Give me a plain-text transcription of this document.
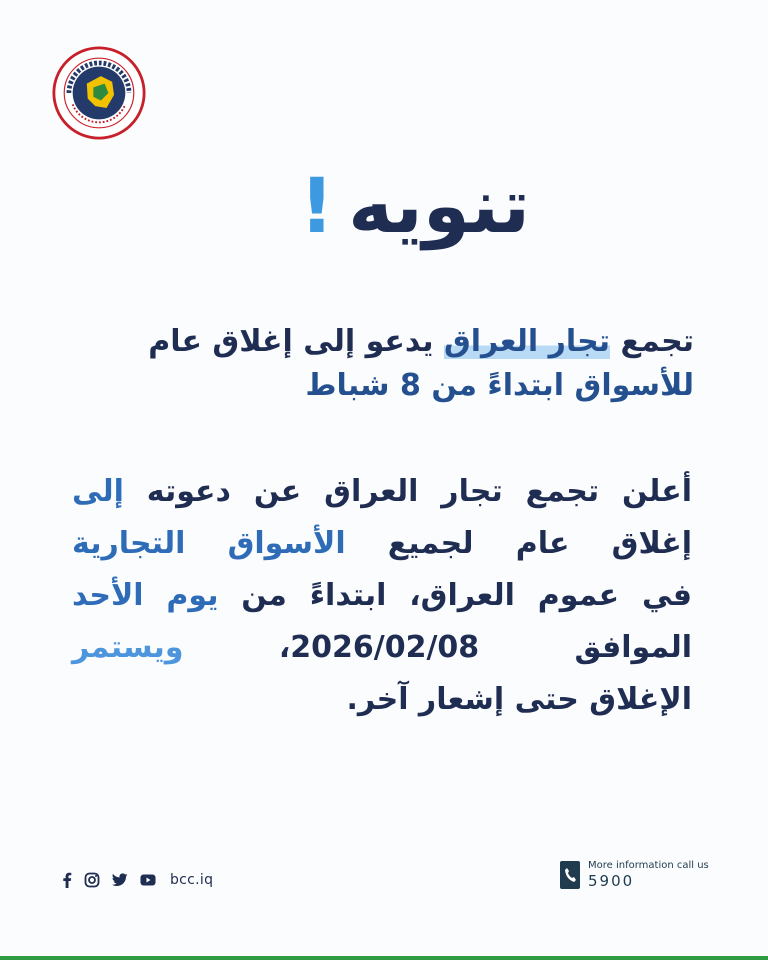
تنويه!
تجمع تجار العراق يدعو إلى إغلاق عام
للأسواق ابتداءً من 8 شباط
أعلن تجمع تجار العراق عن دعوته إلى
إغلاق عام لجميع الأسواق التجارية
في عموم العراق، ابتداءً من يوم الأحد
الموافق 2026/02/08، ويستمر
الإغلاق حتى إشعار آخر.
bcc.iq
More information call us
5900
